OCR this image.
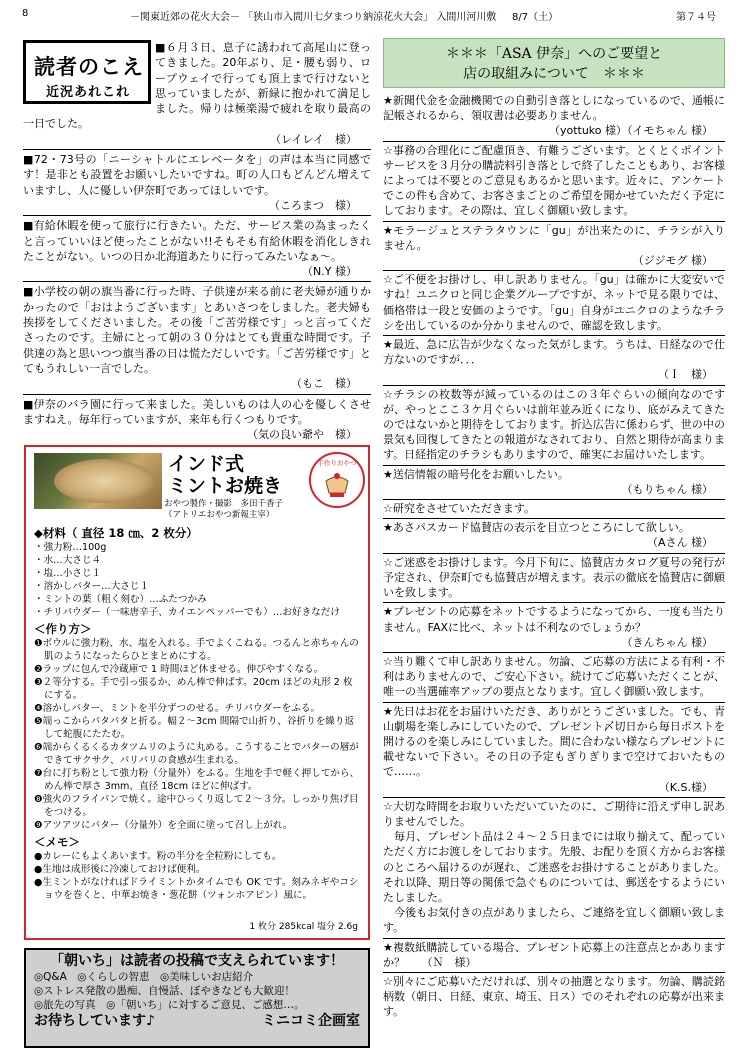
8	－関東近郊の花火大会－ 「狭山市入間川七夕まつり納涼花火大会」 入間川河川敷 8/7（土）	第７４号
読者のこえ
近況あれこれ
■６月３日、息子に誘われて高尾山に登ってきました。20年ぶり、足・腰も弱り、ロープウェイで行っても頂上まで行けないと思っていましたが、新緑に抱かれて満足しました。帰りは極楽湯で疲れを取り最高の一日でした。
（レイレイ　様）
■72・73号の「ニーシャトルにエレベータを」の声は本当に同感です！是非とも設置をお願いしたいですね。町の人口もどんどん増えていますし、人に優しい伊奈町であってほしいです。
（ころまつ　様）
■有給休暇を使って旅行に行きたい。ただ、サービス業の為まったくと言っていいほど使ったことがない!!そもそも有給休暇を消化しきれたことがない。いつの日か北海道あたりに行ってみたいなぁ～。
（N.Y 様）
■小学校の朝の旗当番に行った時、子供達が来る前に老夫婦が通りかかったので「おはようございます」とあいさつをしました。老夫婦も挨拶をしてくださいました。その後「ご苦労様です」っと言ってくださったのです。主婦にとって朝の３０分はとても貴重な時間です。子供達の為と思いつつ旗当番の日は慌ただしいです。「ご苦労様です」とてもうれしい一言でした。
（もこ　様）
■伊奈のバラ園に行って来ました。美しいものは人の心を優しくさせますねえ。毎年行っていますが、来年も行くつもりです。
（気の良い爺や　様）
インド式
ミントお焼き
おやつ製作・撮影　多田千香子
（アトリエおやつ新報主宰）
手作りおやつ
◆材料（ 直径 18 ㎝、2 枚分）
・強力粉…100g
・水…大さじ４
・塩…小さじ１
・溶かしバター…大さじ１
・ミントの葉（粗く刻む）…ふたつかみ
・チリパウダー（一味唐辛子、カイエンペッパーでも）…お好きなだけ
＜作り方＞
❶ボウルに強力粉、水、塩を入れる。手でよくこねる。つるんと赤ちゃんの肌のようになったらひとまとめにする。
❷ラップに包んで冷蔵庫で 1 時間ほど休ませる。伸びやすくなる。
❸２等分する。手で引っ張るか、めん棒で伸ばす。20cm ほどの丸形 2 枚にする。
❹溶かしバター、ミントを半分ずつのせる。チリパウダーをふる。
❺端っこからパタパタと折る。幅２～3cm 間隔で山折り、谷折りを繰り返して蛇腹にたたむ。
❻端からくるくるカタツムリのように丸める。こうすることでバターの層ができてサクサク、パリパリの食感が生まれる。
❼台に打ち粉として強力粉（分量外）をふる。生地を手で軽く押してから、めん棒で厚さ 3mm、直径 18cm ほどに伸ばす。
❽強火のフライパンで焼く。途中ひっくり返して２～３分。しっかり焦げ目をつける。
❾アツアツにバター（分量外）を全面に塗って召し上がれ。
＜メモ＞
●カレーにもよくあいます。粉の半分を全粒粉にしても。
●生地は成形後に冷凍しておけば便利。
●生ミントがなければドライミントかタイムでも OK です。刻みネギやコショウを巻くと、中華お焼き・葱花餅（ツォンホアピン）風に。
1 枚分 285kcal 塩分 2.6g
「朝いち」は読者の投稿で支えられています！
◎Q&A　◎くらしの智恵　◎美味しいお店紹介
◎ストレス発散の愚痴、自慢話、ぼやきなども大歓迎！
◎旅先の写真　◎「朝いち」に対するご意見、ご感想…。
ミニコミ企画室
お待ちしています♪
＊＊＊「ASA 伊奈」へのご要望と
店の取組みについて　＊＊＊
★新聞代金を金融機関での自動引き落としになっているので、通帳に記帳されるから、領収書は必要ありません。
（yottuko 様）（イモちゃん 様）
☆事務の合理化にご配慮頂き、有難うございます。とくとくポイントサービスを３月分の購読料引き落としで終了したこともあり、お客様によっては不要とのご意見もあるかと思います。近々に、アンケートでこの件も含めて、お客さまごとのご希望を聞かせていただく予定にしております。その際は、宜しく御願い致します。
★モラージュとステラタウンに「gu」が出来たのに、チラシが入りません。
（ジジモグ 様）
☆ご不便をお掛けし、申し訳ありません。「gu」は確かに大変安いですね！ユニクロと同じ企業グループですが、ネットで見る限りでは、価格帯は一段と安価のようです。「gu」自身がユニクロのようなチラシを出しているのか分かりませんので、確認を致します。
★最近、急に広告が少なくなった気がします。うちは、日経なので仕方ないのですが．．．
（Ｉ　様）
☆チラシの枚数等が減っているのはこの３年ぐらいの傾向なのですが、やっとここ３ケ月ぐらいは前年並み近くになり、底がみえてきたのではないかと期待をしております。折込広告に係わらず、世の中の景気も回復してきたとの報道がなされており、自然と期待が高まります。日経指定のチラシもありますので、確実にお届けいたします。
★送信情報の暗号化をお願いしたい。
（もりちゃん 様）
☆研究をさせていただきます。
★あさパスカード協賛店の表示を目立つところにして欲しい。
（Aさん 様）
☆ご迷惑をお掛けします。今月下旬に、協賛店カタログ夏号の発行が予定され、伊奈町でも協賛店が増えます。表示の徹底を協賛店に御願いを致します。
★プレゼントの応募をネットでするようになってから、一度も当たりません。FAXに比べ、ネットは不利なのでしょうか？
（きんちゃん 様）
☆当り難くて申し訳ありません。勿論、ご応募の方法による有利・不利はありませんので、ご安心下さい。続けてご応募いただくことが、唯一の当選確率アップの要点となります。宜しく御願い致します。
★先日はお花をお届けいただき、ありがとうございました。でも、青山劇場を楽しみにしていたので、プレゼント〆切日から毎日ポストを開けるのを楽しみにしていました。間に合わない様ならプレゼントに載せないで下さい。その日の予定もぎりぎりまで空けておいたもので……。
（K.S.様）
☆大切な時間をお取りいただいていたのに、ご期待に沿えず申し訳ありませんでした。
　毎月、プレゼント品は２４～２５日までには取り揃えて、配っていただく方にお渡しをしております。先般、お配りを頂く方からお客様のところへ届けるのが遅れ、ご迷惑をお掛けすることがありました。それ以降、期日等の関係で急ぐものについては、郵送をするようにいたしました。
　今後もお気付きの点がありましたら、ご連絡を宜しく御願い致します。
★複数紙購読している場合、プレゼント応募上の注意点とかありますか？　　（Ｎ　様）
☆別々にご応募いただければ、別々の抽選となります。勿論、購読銘柄数（朝日、日経、東京、埼玉、日ス）でのそれぞれの応募が出来ます。
